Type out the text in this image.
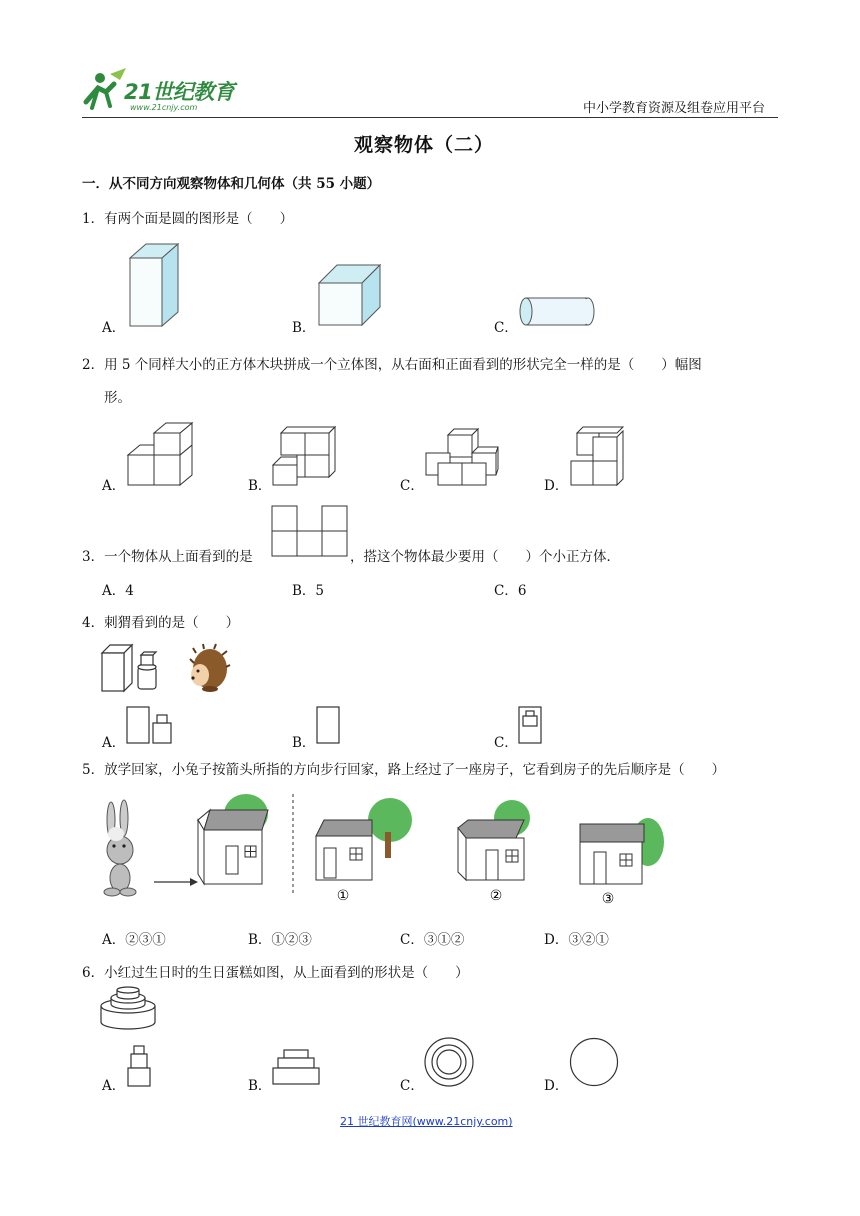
21世纪教育
www.21cnjy.com	中小学教育资源及组卷应用平台
观察物体（二）
一．从不同方向观察物体和几何体（共 55 小题）
1．有两个面是圆的图形是（　　）
A．	B．	C．
2．用 5 个同样大小的正方体木块拼成一个立体图，从右面和正面看到的形状完全一样的是（　　）幅图
形。
A．	B．	C．	D．
3．一个物体从上面看到的是	，搭这个物体最少要用（　　）个小正方体．
A．4	B．5	C．6
4．刺猬看到的是（　　）
A．	B．	C．
5．放学回家，小兔子按箭头所指的方向步行回家，路上经过了一座房子，它看到房子的先后顺序是（　　）
①	②	③
A．②③①	B．①②③	C．③①②	D．③②①
6．小红过生日时的生日蛋糕如图，从上面看到的形状是（　　）
A．	B．	C．	D．
21 世纪教育网(www.21cnjy.com)
